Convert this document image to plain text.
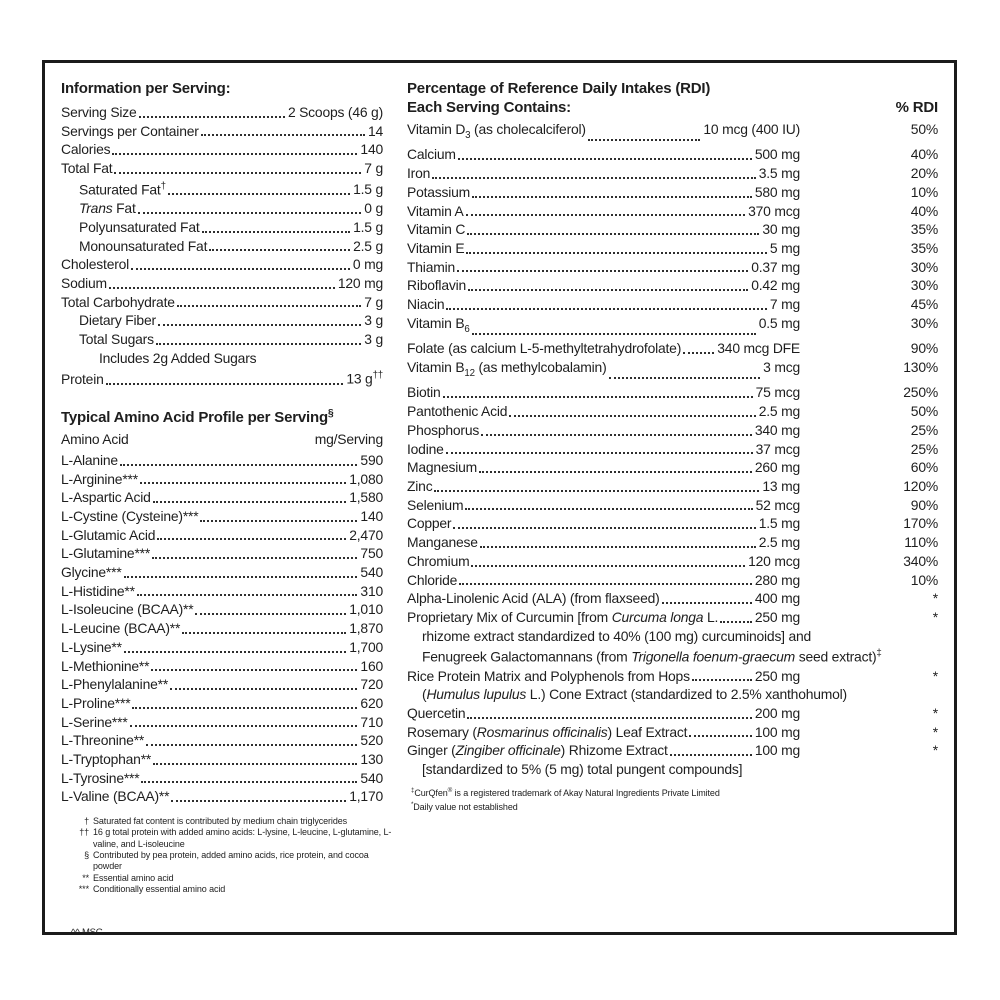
Information per Serving:
Serving Size	2 Scoops (46 g)
Servings per Container	14
Calories	140
Total Fat	7 g
Saturated Fat†	1.5 g
Trans Fat	0 g
Polyunsaturated Fat	1.5 g
Monounsaturated Fat	2.5 g
Cholesterol	0 mg
Sodium	120 mg
Total Carbohydrate	7 g
Dietary Fiber	3 g
Total Sugars	3 g
Includes 2g Added Sugars
Protein	13 g††
Typical Amino Acid Profile per Serving§
Amino Acid	mg/Serving
L-Alanine	590
L-Arginine***	1,080
L-Aspartic Acid	1,580
L-Cystine (Cysteine)***	140
L-Glutamic Acid	2,470
L-Glutamine***	750
Glycine***	540
L-Histidine**	310
L-Isoleucine (BCAA)**	1,010
L-Leucine (BCAA)**	1,870
L-Lysine**	1,700
L-Methionine**	160
L-Phenylalanine**	720
L-Proline***	620
L-Serine***	710
L-Threonine**	520
L-Tryptophan**	130
L-Tyrosine***	540
L-Valine (BCAA)**	1,170
† Saturated fat content is contributed by medium chain triglycerides
†† 16 g total protein with added amino acids: L-lysine, L-leucine, L-glutamine, L-valine, and L-isoleucine
§ Contributed by pea protein, added amino acids, rice protein, and cocoa powder
** Essential amino acid
*** Conditionally essential amino acid
^^ MSG
Percentage of Reference Daily Intakes (RDI)
Each Serving Contains:	% RDI
Vitamin $D_3$ (as cholecalciferol)	10 mcg (400 IU)	50%
Calcium	500 mg	40%
Iron	3.5 mg	20%
Potassium	580 mg	10%
Vitamin A	370 mcg	40%
Vitamin C	30 mg	35%
Vitamin E	5 mg	35%
Thiamin	0.37 mg	30%
Riboflavin	0.42 mg	30%
Niacin	7 mg	45%
Vitamin $B_6$	0.5 mg	30%
Folate (as calcium L-5-methyltetrahydrofolate)	340 mcg DFE	90%
Vitamin $B_{12}$ (as methylcobalamin)	3 mcg	130%
Biotin	75 mcg	250%
Pantothenic Acid	2.5 mg	50%
Phosphorus	340 mg	25%
Iodine	37 mcg	25%
Magnesium	260 mg	60%
Zinc	13 mg	120%
Selenium	52 mcg	90%
Copper	1.5 mg	170%
Manganese	2.5 mg	110%
Chromium	120 mcg	340%
Chloride	280 mg	10%
Alpha-Linolenic Acid (ALA) (from flaxseed)	400 mg	*
Proprietary Mix of Curcumin [from Curcuma longa L.	250 mg	*
rhizome extract standardized to 40% (100 mg) curcuminoids] and
Fenugreek Galactomannans (from Trigonella foenum-graecum seed extract)‡
Rice Protein Matrix and Polyphenols from Hops	250 mg	*
(Humulus lupulus L.) Cone Extract (standardized to 2.5% xanthohumol)
Quercetin	200 mg	*
Rosemary (Rosmarinus officinalis) Leaf Extract	100 mg	*
Ginger (Zingiber officinale) Rhizome Extract	100 mg	*
[standardized to 5% (5 mg) total pungent compounds]
‡CurQfen® is a registered trademark of Akay Natural Ingredients Private Limited
*Daily value not established
